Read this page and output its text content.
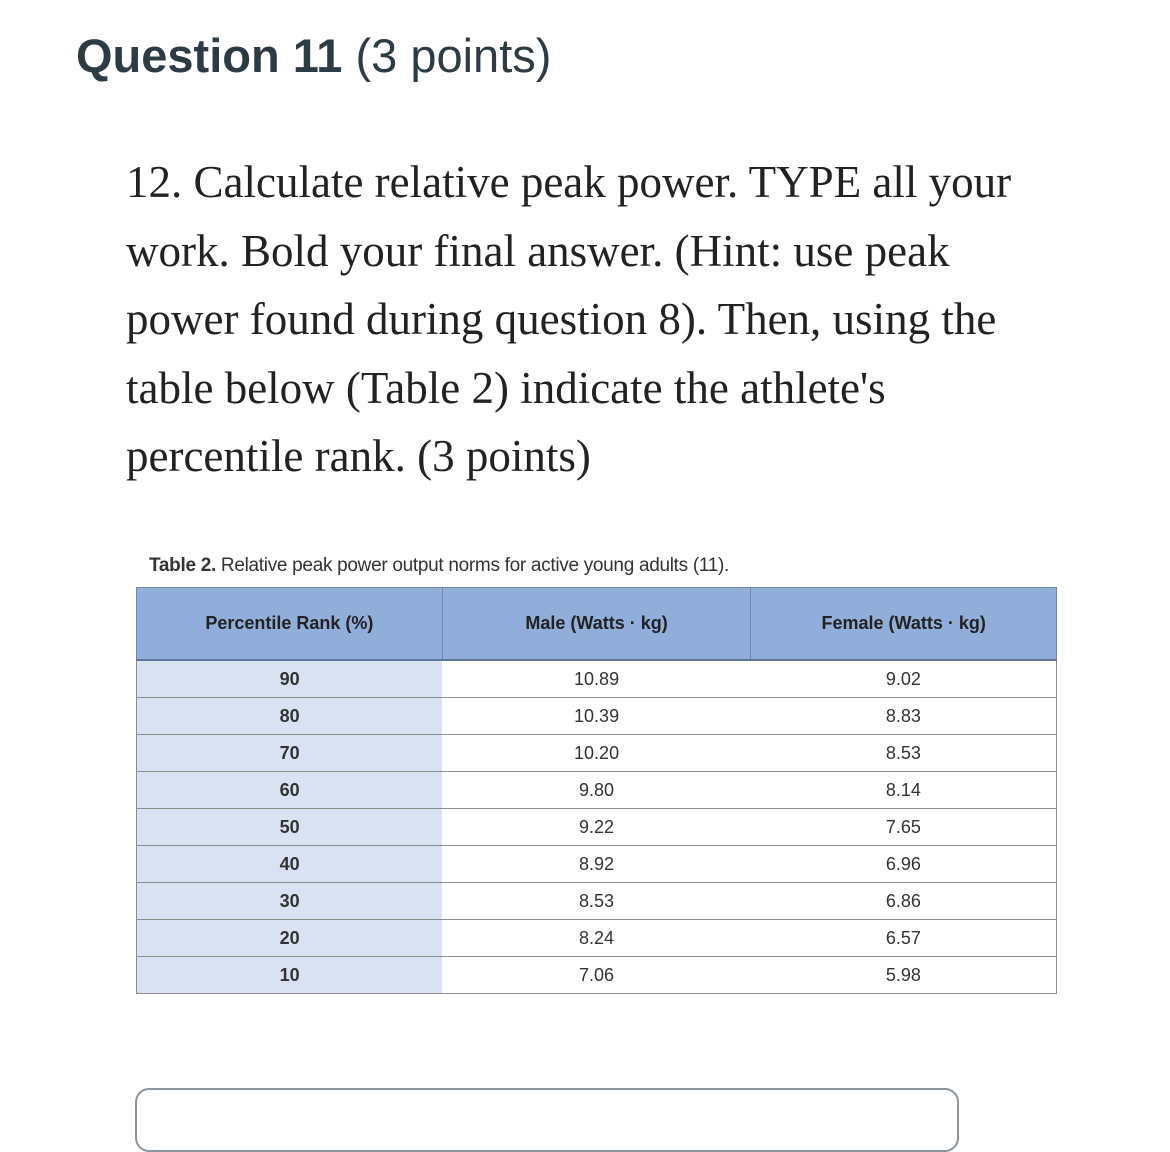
Question 11 (3 points)
12. Calculate relative peak power. TYPE all your work. Bold your final answer. (Hint: use peak power found during question 8). Then, using the table below (Table 2) indicate the athlete's percentile rank. (3 points)
Table 2. Relative peak power output norms for active young adults (11).
Percentile Rank (%)	Male (Watts · kg)	Female (Watts · kg)
90	10.89	9.02
80	10.39	8.83
70	10.20	8.53
60	9.80	8.14
50	9.22	7.65
40	8.92	6.96
30	8.53	6.86
20	8.24	6.57
10	7.06	5.98
